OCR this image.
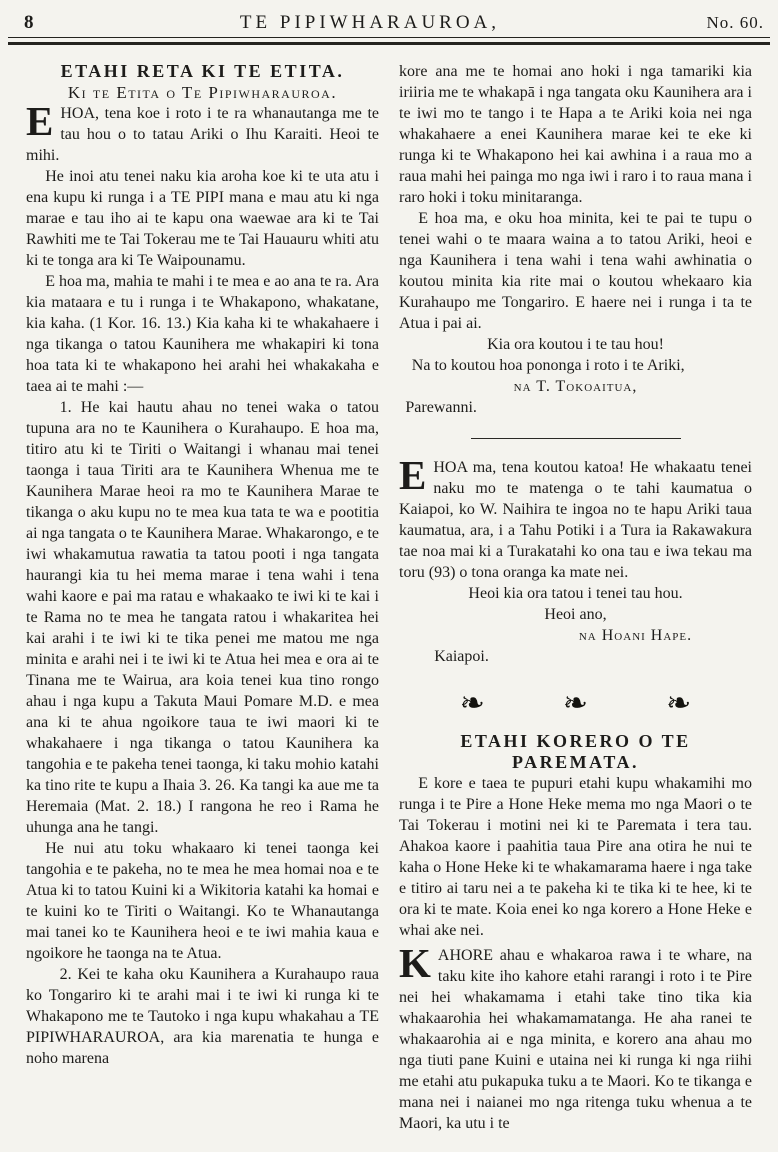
8	TE PIPIWHARAUROA,	No. 60.

ETAHI RETA KI TE ETITA.

Ki te Etita o Te Pipiwharauroa.

EHOA, tena koe i roto i te ra whanautanga me te tau hou o to tatau Ariki o Ihu Karaiti. Heoi te mihi.

He inoi atu tenei naku kia aroha koe ki te uta atu i ena kupu ki runga i a TE PIPI mana e mau atu ki nga marae e tau iho ai te kapu ona waewae ara ki te Tai Rawhiti me te Tai Tokerau me te Tai Hauauru whiti atu ki te tonga ara ki Te Waipounamu.

E hoa ma, mahia te mahi i te mea e ao ana te ra. Ara kia mataara e tu i runga i te Whakapono, whakatane, kia kaha. (1 Kor. 16. 13.) Kia kaha ki te whakahaere i nga tikanga o tatou Kaunihera me whakapiri ki tona hoa tata ki te whakapono hei arahi hei whakakaha e taea ai te mahi :—

1. He kai hautu ahau no tenei waka o tatou tupuna ara no te Kaunihera o Kurahaupo. E hoa ma, titiro atu ki te Tiriti o Waitangi i whanau mai tenei taonga i taua Tiriti ara te Kaunihera Whenua me te Kaunihera Marae heoi ra mo te Kaunihera Marae te tikanga o aku kupu no te mea kua tata te wa e pootitia ai nga tangata o te Kaunihera Marae. Whakarongo, e te iwi whakamutua rawatia ta tatou pooti i nga tangata haurangi kia tu hei mema marae i tena wahi i tena wahi kaore e pai ma ratau e whakaako te iwi ki te kai i te Rama no te mea he tangata ratou i whakaritea hei kai arahi i te iwi ki te tika penei me matou me nga minita e arahi nei i te iwi ki te Atua hei mea e ora ai te Tinana me te Wairua, ara koia tenei kua tino rongo ahau i nga kupu a Takuta Maui Pomare M.D. e mea ana ki te ahua ngoikore taua te iwi maori ki te whakahaere i nga tikanga o tatou Kaunihera ka tangohia e te pakeha tenei taonga, ki taku mohio katahi ka tino rite te kupu a Ihaia 3. 26. Ka tangi ka aue me ta Heremaia (Mat. 2. 18.) I rangona he reo i Rama he uhunga ana he tangi.

He nui atu toku whakaaro ki tenei taonga kei tangohia e te pakeha, no te mea he mea homai noa e te Atua ki to tatou Kuini ki a Wikitoria katahi ka homai e te kuini ko te Tiriti o Waitangi. Ko te Whanautanga mai tanei ko te Kaunihera heoi e te iwi mahia kaua e ngoikore he taonga na te Atua.

2. Kei te kaha oku Kaunihera a Kurahaupo raua ko Tongariro ki te arahi mai i te iwi ki runga ki te Whakapono me te Tautoko i nga kupu whakahau a TE PIPIWHARAUROA, ara kia marenatia te hunga e noho marena

kore ana me te homai ano hoki i nga tamariki kia iriiria me te whakapā i nga tangata oku Kaunihera ara i te iwi mo te tango i te Hapa a te Ariki koia nei nga whakahaere a enei Kaunihera marae kei te eke ki runga ki te Whakapono hei kai awhina i a raua mo a raua mahi hei painga mo nga iwi i raro i to raua mana i raro hoki i toku minitaranga.

E hoa ma, e oku hoa minita, kei te pai te tupu o tenei wahi o te maara waina a to tatou Ariki, heoi e nga Kaunihera i tena wahi i tena wahi awhinatia o koutou minita kia rite mai o koutou whekaaro kia Kurahaupo me Tongariro. E haere nei i runga i ta te Atua i pai ai.

Kia ora koutou i te tau hou!

Na to koutou hoa pononga i roto i te Ariki,

na T. Tokoaitua,

Parewanni.

EHOA ma, tena koutou katoa! He whakaatu tenei naku mo te matenga o te tahi kaumatua o Kaiapoi, ko W. Naihira te ingoa no te hapu Ariki taua kaumatua, ara, i a Tahu Potiki i a Tura ia Rakawakura tae noa mai ki a Turakatahi ko ona tau e iwa tekau ma toru (93) o tona oranga ka mate nei.

Heoi kia ora tatou i tenei tau hou.

Heoi ano,

na Hoani Hape.

Kaiapoi.

❧	❧	❧

ETAHI KORERO O TE PAREMATA.

E kore e taea te pupuri etahi kupu whakamihi mo runga i te Pire a Hone Heke mema mo nga Maori o te Tai Tokerau i motini nei ki te Paremata i tera tau. Ahakoa kaore i paahitia taua Pire ana otira he nui te kaha o Hone Heke ki te whakamarama haere i nga take e titiro ai taru nei a te pakeha ki te tika ki te hee, ki te ora ki te mate. Koia enei ko nga korero a Hone Heke e whai ake nei.

KAHORE ahau e whakaroa rawa i te whare, na taku kite iho kahore etahi rarangi i roto i te Pire nei hei whakamama i etahi take tino tika kia whakaarohia hei whakamamatanga. He aha ranei te whakaarohia ai e nga minita, e korero ana ahau mo nga tiuti pane Kuini e utaina nei ki runga ki nga riihi me etahi atu pukapuka tuku a te Maori. Ko te tikanga e mana nei i naianei mo nga ritenga tuku whenua a te Maori, ka utu i te
